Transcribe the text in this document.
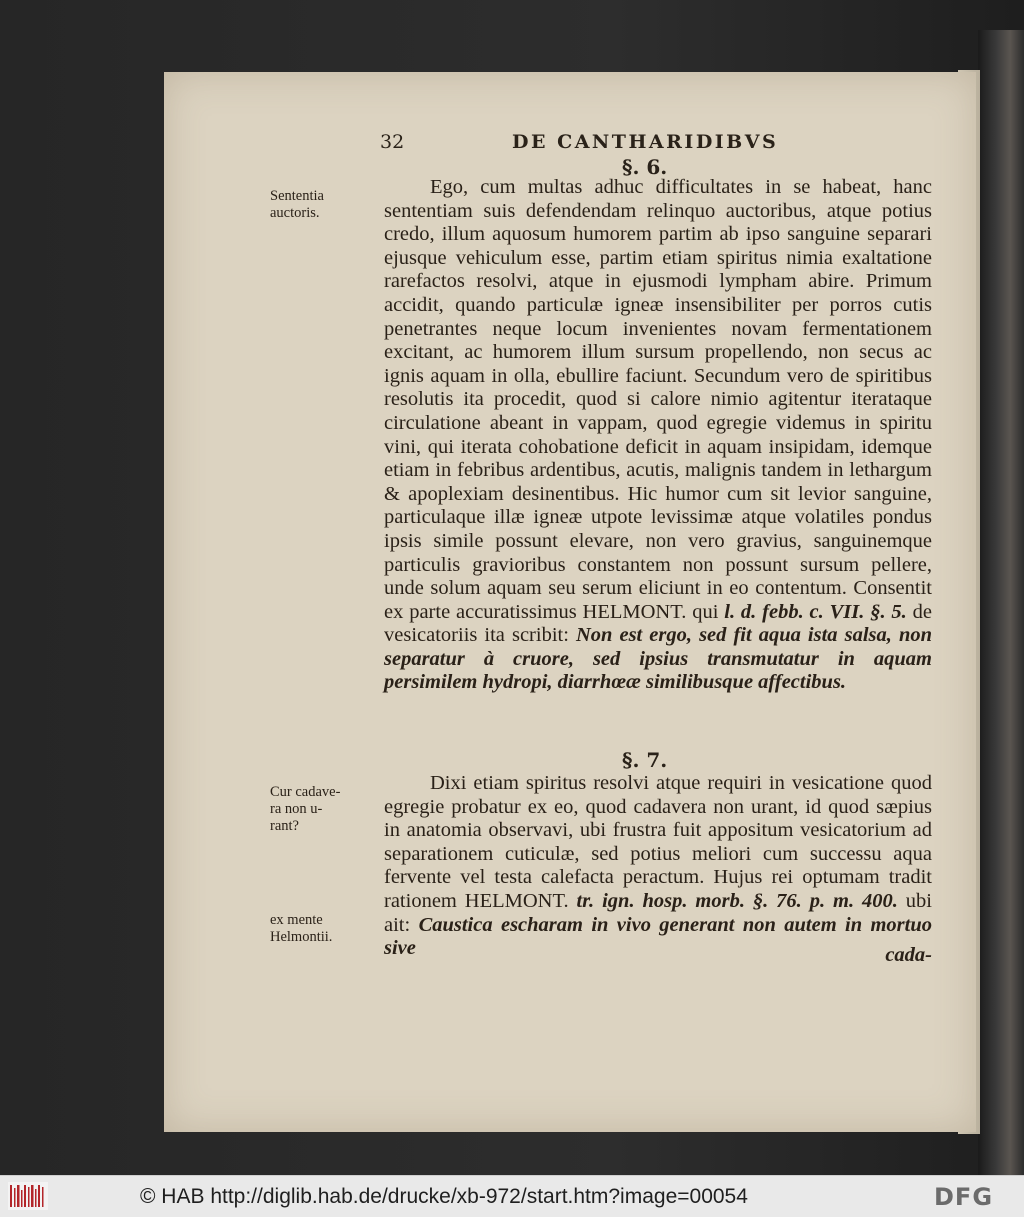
32	DE CANTHARIDIBVS
§. 6.
Sententia
auctoris.

Ego, cum multas adhuc difficultates in se habeat, hanc sententiam suis defendendam relinquo auctoribus, atque potius credo, illum aquosum humorem partim ab ipso sanguine separari ejusque vehiculum esse, partim etiam spiritus nimia exaltatione rarefactos resolvi, atque in ejusmodi lympham abire. Primum accidit, quando particulæ igneæ insensibiliter per porros cutis penetrantes neque locum invenientes novam fermentationem excitant, ac humorem illum sursum propellendo, non secus ac ignis aquam in olla, ebullire faciunt. Secundum vero de spiritibus resolutis ita procedit, quod si calore nimio agitentur iterataque circulatione abeant in vappam, quod egregie videmus in spiritu vini, qui iterata cohobatione deficit in aquam insipidam, idemque etiam in febribus ardentibus, acutis, malignis tandem in lethargum & apoplexiam desinentibus. Hic humor cum sit levior sanguine, particulaque illæ igneæ utpote levissimæ atque volatiles pondus ipsis simile possunt elevare, non vero gravius, sanguinemque particulis gravioribus constantem non possunt sursum pellere, unde solum aquam seu serum eliciunt in eo contentum. Consentit ex parte accuratissimus HELMONT. qui l. d. febb. c. VII. §. 5. de vesicatoriis ita scribit: Non est ergo, sed fit aqua ista salsa, non separatur à cruore, sed ipsius transmutatur in aquam persimilem hydropi, diarrhœæ similibusque affectibus.

§. 7.
Cur cadave-
ra non u-
rant?
ex mente
Helmontii.

Dixi etiam spiritus resolvi atque requiri in vesicatione quod egregie probatur ex eo, quod cadavera non urant, id quod sæpius in anatomia observavi, ubi frustra fuit appositum vesicatorium ad separationem cuticulæ, sed potius meliori cum successu aqua fervente vel testa calefacta peractum. Hujus rei optumam tradit rationem HELMONT. tr. ign. hosp. morb. §. 76. p. m. 400. ubi ait: Caustica escharam in vivo generant non autem in mortuo sive	cada-
© HAB http://diglib.hab.de/drucke/xb-972/start.htm?image=00054	DFG
